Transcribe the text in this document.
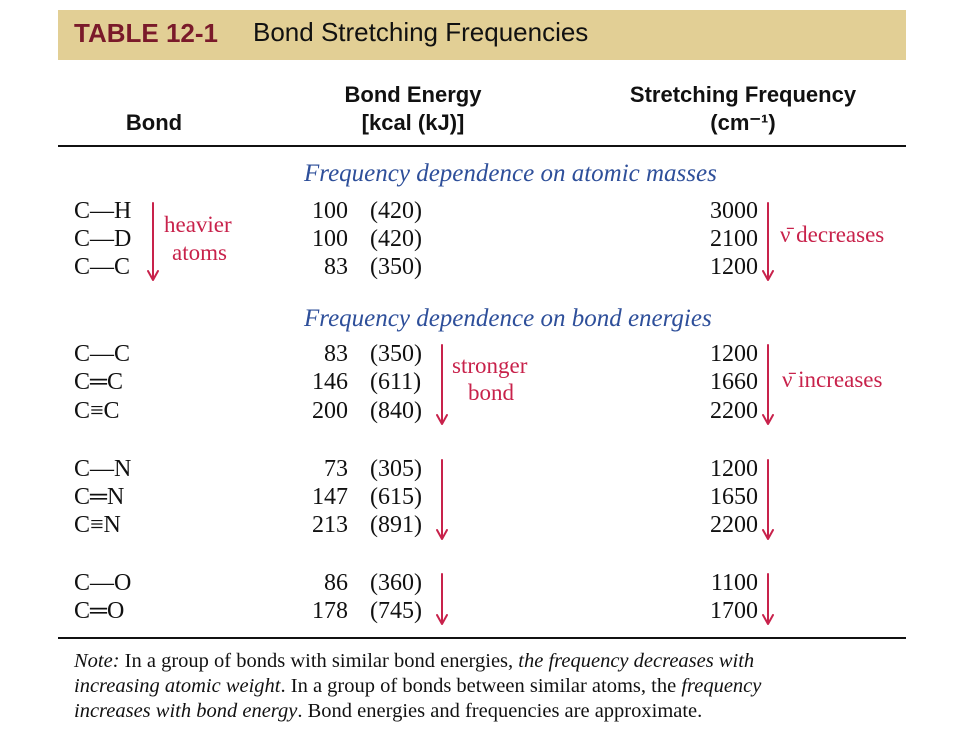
TABLE 12-1 Bond Stretching Frequencies
Bond
Bond Energy
[kcal (kJ)]
Stretching Frequency
(cm⁻¹)
Frequency dependence on atomic masses
C—H	100 (420)	3000
C—D	100 (420)	2100
C—C	83 (350)	1200
heavier
atoms
ν̄ decreases
Frequency dependence on bond energies
C—C	83 (350)	1200
C═C	146 (611)	1660
C≡C	200 (840)	2200
stronger
bond
ν̄ increases
C—N	73 (305)	1200
C═N	147 (615)	1650
C≡N	213 (891)	2200
C—O	86 (360)	1100
C═O	178 (745)	1700
Note: In a group of bonds with similar bond energies, the frequency decreases with
increasing atomic weight. In a group of bonds between similar atoms, the frequency
increases with bond energy. Bond energies and frequencies are approximate.
